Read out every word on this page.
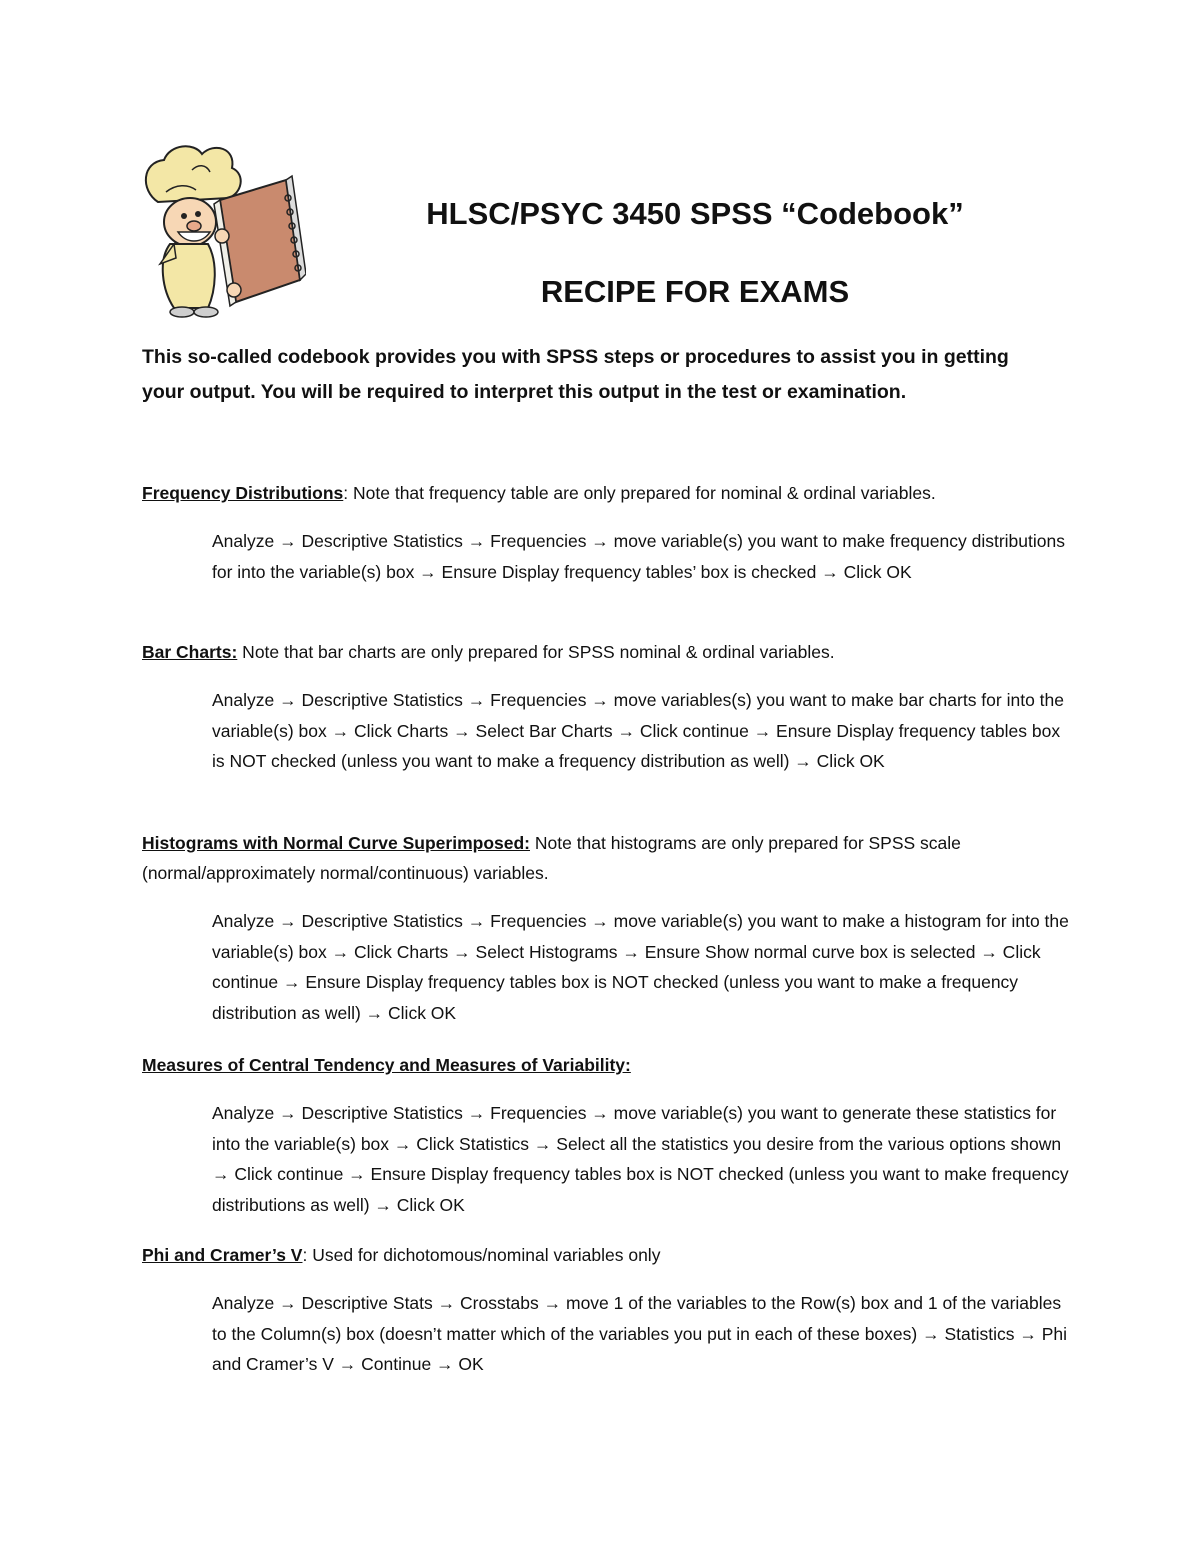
HLSC/PSYC 3450 SPSS “Codebook”
RECIPE FOR EXAMS

This so-called codebook provides you with SPSS steps or procedures to assist you in getting your output. You will be required to interpret this output in the test or examination.

Frequency Distributions: Note that frequency table are only prepared for nominal & ordinal variables.

Analyze → Descriptive Statistics → Frequencies → move variable(s) you want to make frequency distributions for into the variable(s) box → Ensure Display frequency tables’ box is checked → Click OK

Bar Charts: Note that bar charts are only prepared for SPSS nominal & ordinal variables.

Analyze → Descriptive Statistics → Frequencies → move variables(s) you want to make bar charts for into the variable(s) box → Click Charts → Select Bar Charts → Click continue → Ensure Display frequency tables box is NOT checked (unless you want to make a frequency distribution as well) → Click OK

Histograms with Normal Curve Superimposed: Note that histograms are only prepared for SPSS scale (normal/approximately normal/continuous) variables.

Analyze → Descriptive Statistics → Frequencies → move variable(s) you want to make a histogram for into the variable(s) box → Click Charts → Select Histograms → Ensure Show normal curve box is selected → Click continue → Ensure Display frequency tables box is NOT checked (unless you want to make a frequency distribution as well) → Click OK

Measures of Central Tendency and Measures of Variability:

Analyze → Descriptive Statistics → Frequencies → move variable(s) you want to generate these statistics for into the variable(s) box → Click Statistics → Select all the statistics you desire from the various options shown → Click continue → Ensure Display frequency tables box is NOT checked (unless you want to make frequency distributions as well) → Click OK

Phi and Cramer’s V: Used for dichotomous/nominal variables only

Analyze → Descriptive Stats → Crosstabs → move 1 of the variables to the Row(s) box and 1 of the variables to the Column(s) box (doesn’t matter which of the variables you put in each of these boxes) → Statistics → Phi and Cramer’s V → Continue → OK
